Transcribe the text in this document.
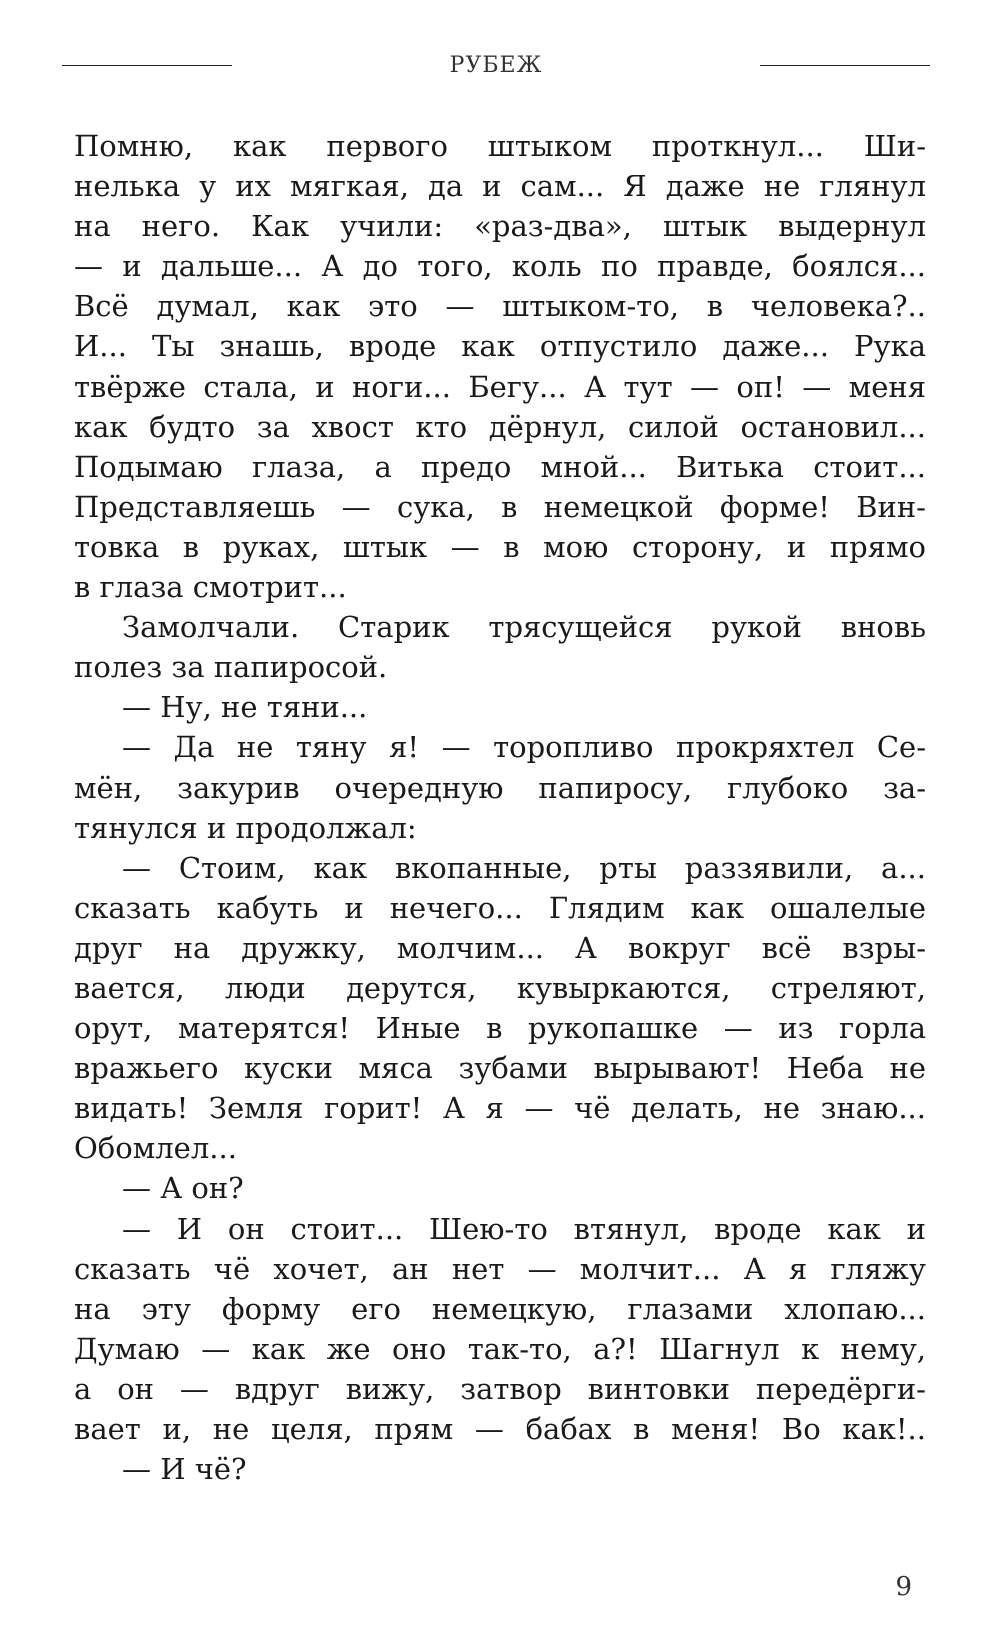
РУБЕЖ
Помню, как первого штыком проткнул... Ши-
нелька у их мягкая, да и сам... Я даже не глянул
на него. Как учили: «раз-два», штык выдернул
— и дальше... А до того, коль по правде, боялся...
Всё думал, как это — штыком-то, в человека?..
И... Ты знашь, вроде как отпустило даже... Рука
твёрже стала, и ноги... Бегу... А тут — оп! — меня
как будто за хвост кто дёрнул, силой остановил...
Подымаю глаза, а предо мной... Витька стоит...
Представляешь — сука, в немецкой форме! Вин-
товка в руках, штык — в мою сторону, и прямо
в глаза смотрит...
Замолчали. Старик трясущейся рукой вновь
полез за папиросой.
— Ну, не тяни...
— Да не тяну я! — торопливо прокряхтел Се-
мён, закурив очередную папиросу, глубоко за-
тянулся и продолжал:
— Стоим, как вкопанные, рты раззявили, а...
сказать кабуть и нечего... Глядим как ошалелые
друг на дружку, молчим... А вокруг всё взры-
вается, люди дерутся, кувыркаются, стреляют,
орут, матерятся! Иные в рукопашке — из горла
вражьего куски мяса зубами вырывают! Неба не
видать! Земля горит! А я — чё делать, не знаю...
Обомлел...
— А он?
— И он стоит... Шею-то втянул, вроде как и
сказать чё хочет, ан нет — молчит... А я гляжу
на эту форму его немецкую, глазами хлопаю...
Думаю — как же оно так-то, а?! Шагнул к нему,
а он — вдруг вижу, затвор винтовки передёрги-
вает и, не целя, прям — бабах в меня! Во как!..
— И чё?
9
